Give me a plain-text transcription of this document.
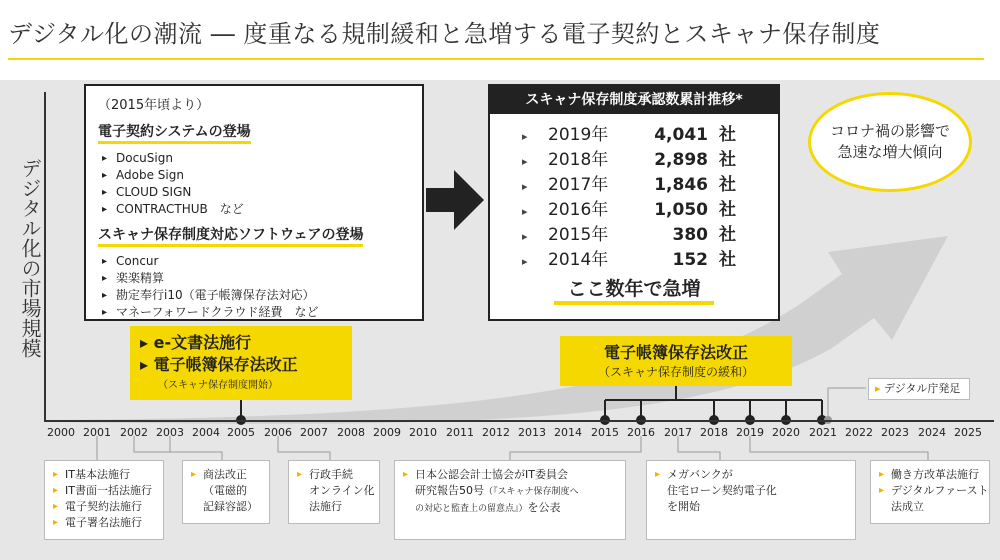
デジタル化の潮流 ― 度重なる規制緩和と急増する電子契約とスキャナ保存制度
デジタル化の市場規模
（2015年頃より）
電子契約システムの登場
▸ DocuSign
▸ Adobe Sign
▸ CLOUD SIGN
▸ CONTRACTHUB　など
スキャナ保存制度対応ソフトウェアの登場
▸ Concur
▸ 楽楽精算
▸ 勘定奉行i10（電子帳簿保存法対応）
▸ マネーフォワードクラウド経費　など
スキャナ保存制度承認数累計推移*
▸	2019年	4,041 社
▸	2018年	2,898 社
▸	2017年	1,846 社
▸	2016年	1,050 社
▸	2015年	380 社
▸	2014年	152 社
ここ数年で急増
コロナ禍の影響で
急速な増大傾向
▸ e-文書法施行
▸ 電子帳簿保存法改正
（スキャナ保存制度開始）
電子帳簿保存法改正
（スキャナ保存制度の緩和）
▸ デジタル庁発足
2000 2001 2002 2003 2004 2005 2006 2007 2008 2009 2010 2011 2012 2013 2014 2015 2016 2017 2018 2019 2020 2021 2022 2023 2024 2025
▸ IT基本法施行
▸ IT書面一括法施行
▸ 電子契約法施行
▸ 電子署名法施行
▸ 商法改正
（電磁的
記録容認）
▸ 行政手続
オンライン化
法施行
▸ 日本公認会計士協会がIT委員会
研究報告50号（『スキャナ保存制度へ
の対応と監査上の留意点』）を公表
▸ メガバンクが
住宅ローン契約電子化
を開始
▸ 働き方改革法施行
▸ デジタルファースト
法成立
